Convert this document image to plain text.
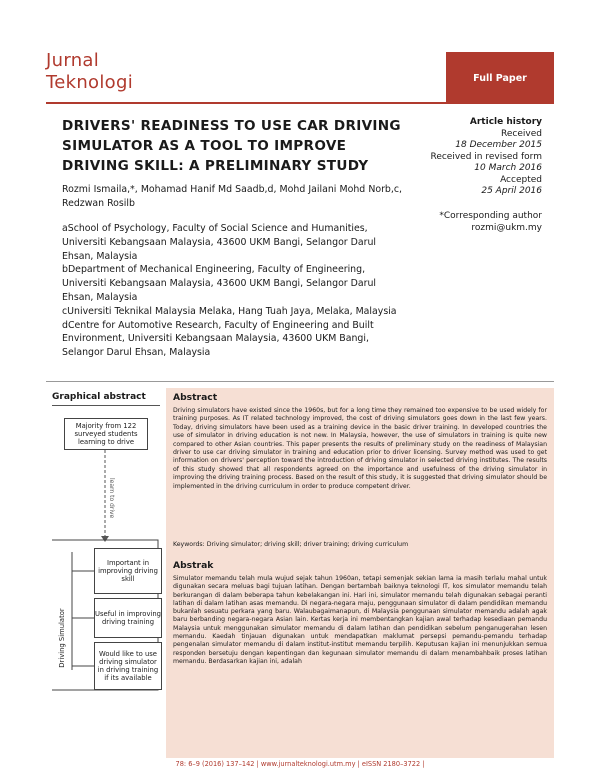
Jurnal
Teknologi	Full Paper
DRIVERS' READINESS TO USE CAR DRIVING SIMULATOR AS A TOOL TO IMPROVE DRIVING SKILL: A PRELIMINARY STUDY
Article history
Received
18 December 2015
Received in revised form
10 March 2016
Accepted
25 April 2016
*Corresponding author
rozmi@ukm.my
Rozmi Ismaila,*, Mohamad Hanif Md Saadb,d, Mohd Jailani Mohd Norb,c, Redzwan Rosilb

aSchool of Psychology, Faculty of Social Science and Humanities, Universiti Kebangsaan Malaysia, 43600 UKM Bangi, Selangor Darul Ehsan, Malaysia

bDepartment of Mechanical Engineering, Faculty of Engineering, Universiti Kebangsaan Malaysia, 43600 UKM Bangi, Selangor Darul Ehsan, Malaysia

cUniversiti Teknikal Malaysia Melaka, Hang Tuah Jaya, Melaka, Malaysia

dCentre for Automotive Research, Faculty of Engineering and Built Environment, Universiti Kebangsaan Malaysia, 43600 UKM Bangi, Selangor Darul Ehsan, Malaysia

Graphical abstract
Majority from 122 surveyed students learning to drive
learn to drive
Driving Simulator
Important in improving driving skill
Useful in improving driving training
Would like to use driving simulator in driving training if its available
Abstract
Driving simulators have existed since the 1960s, but for a long time they remained too expensive to be used widely for training purposes. As IT related technology improved, the cost of driving simulators goes down in the last few years. Today, driving simulators have been used as a training device in the basic driver training. In developed countries the use of simulator in driving education is not new. In Malaysia, however, the use of simulators in training is quite new compared to other Asian countries. This paper presents the results of preliminary study on the readiness of Malaysian driver to use car driving simulator in training and education prior to driver licensing. Survey method was used to get information on drivers' perception toward the introduction of driving simulator in selected driving institutes. The results of this study showed that all respondents agreed on the importance and usefulness of the driving simulator in improving the driving training process. Based on the result of this study, it is suggested that driving simulator should be implemented in the driving curriculum in order to produce competent driver.
Keywords: Driving simulator; driving skill; driver training; driving curriculum
Abstrak
Simulator memandu telah mula wujud sejak tahun 1960an, tetapi semenjak sekian lama ia masih terlalu mahal untuk digunakan secara meluas bagi tujuan latihan. Dengan bertambah baiknya teknologi IT, kos simulator memandu telah berkurangan di dalam beberapa tahun kebelakangan ini. Hari ini, simulator memandu telah digunakan sebagai peranti latihan di dalam latihan asas memandu. Di negara-negara maju, penggunaan simulator di dalam pendidikan memandu bukanlah sesuatu perkara yang baru. Walaubagaimanapun, di Malaysia penggunaan simulator memandu adalah agak baru berbanding negara-negara Asian lain. Kertas kerja ini membentangkan kajian awal terhadap kesediaan pemandu Malaysia untuk menggunakan simulator memandu di dalam latihan dan pendidikan sebelum penganugerahan lesen memandu. Kaedah tinjauan digunakan untuk mendapatkan maklumat persepsi pemandu-pemandu terhadap pengenalan simulator memandu di dalam institut-institut memandu terpilih. Keputusan kajian ini menunjukkan semua responden bersetuju dengan kepentingan dan kegunaan simulator memandu di dalam menambahbaik proses latihan memandu. Berdasarkan kajian ini, adalah
78: 6–9 (2016) 137–142 | www.jurnalteknologi.utm.my | eISSN 2180–3722 |
